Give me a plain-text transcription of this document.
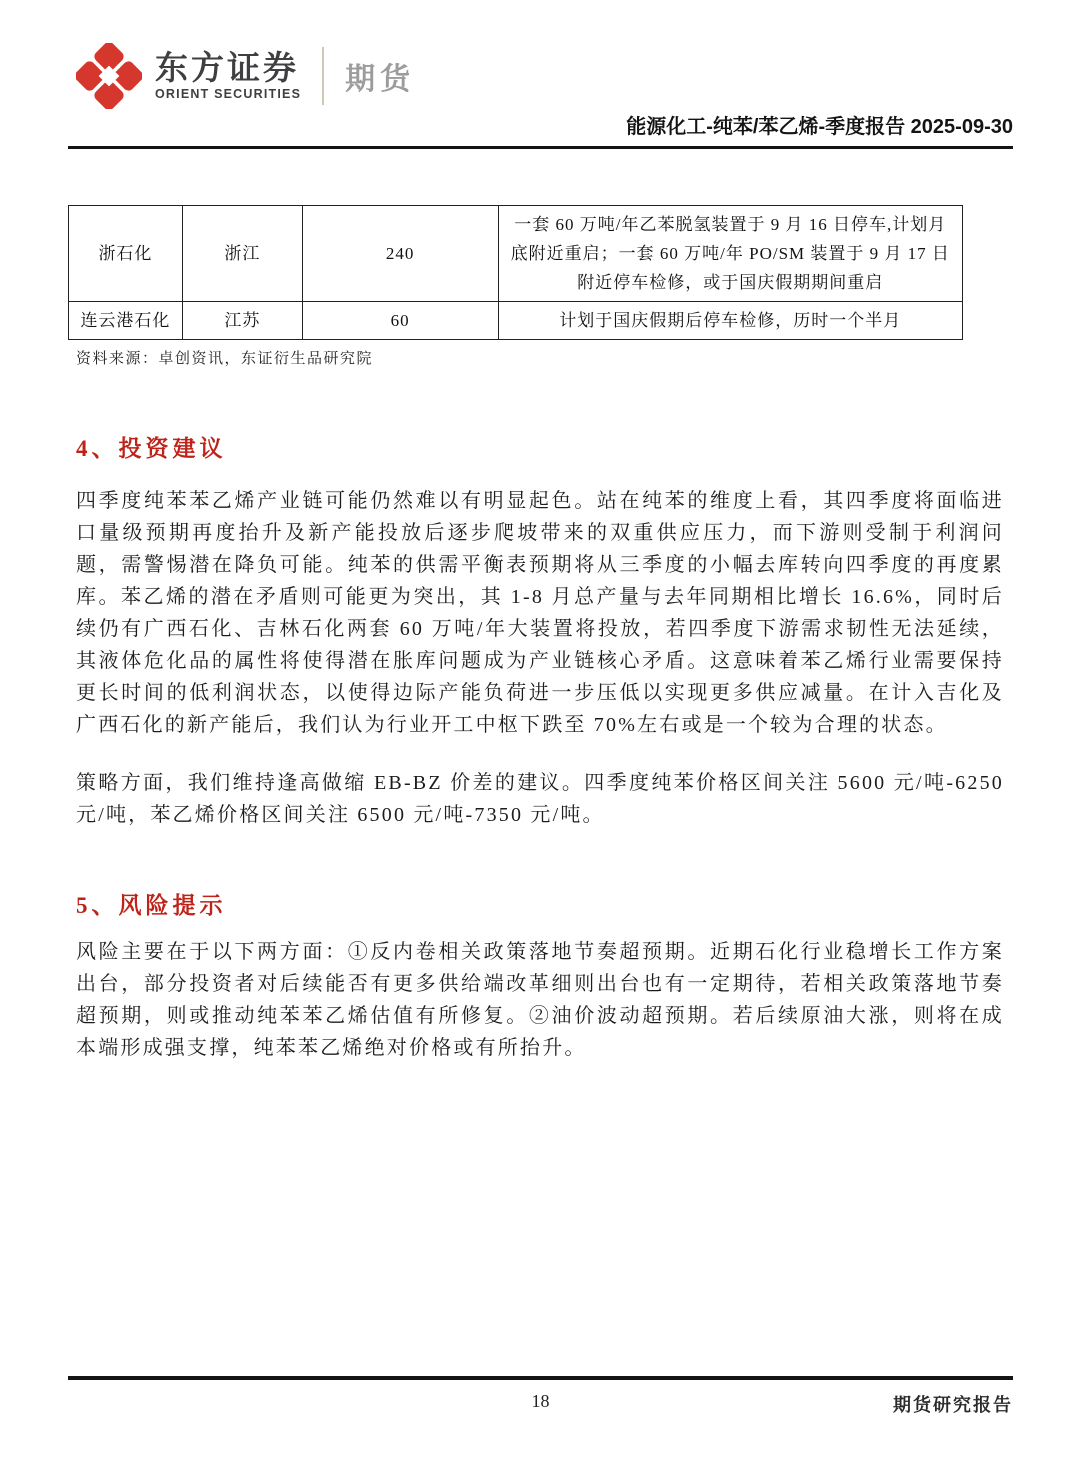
东方证券
ORIENT SECURITIES 期货
能源化工-纯苯/苯乙烯-季度报告 2025-09-30
浙石化	浙江	240	一套 60 万吨/年乙苯脱氢装置于 9 月 16 日停车,计划月底附近重启；一套 60 万吨/年 PO/SM 装置于 9 月 17 日附近停车检修，或于国庆假期期间重启
连云港石化	江苏	60	计划于国庆假期后停车检修，历时一个半月
资料来源：卓创资讯，东证衍生品研究院
4、投资建议
四季度纯苯苯乙烯产业链可能仍然难以有明显起色。站在纯苯的维度上看，其四季度将面临进口量级预期再度抬升及新产能投放后逐步爬坡带来的双重供应压力，而下游则受制于利润问题，需警惕潜在降负可能。纯苯的供需平衡表预期将从三季度的小幅去库转向四季度的再度累库。苯乙烯的潜在矛盾则可能更为突出，其 1-8 月总产量与去年同期相比增长 16.6%，同时后续仍有广西石化、吉林石化两套 60 万吨/年大装置将投放，若四季度下游需求韧性无法延续，其液体危化品的属性将使得潜在胀库问题成为产业链核心矛盾。这意味着苯乙烯行业需要保持更长时间的低利润状态，以使得边际产能负荷进一步压低以实现更多供应减量。在计入吉化及广西石化的新产能后，我们认为行业开工中枢下跌至 70%左右或是一个较为合理的状态。
策略方面，我们维持逢高做缩 EB-BZ 价差的建议。四季度纯苯价格区间关注 5600 元/吨-6250 元/吨，苯乙烯价格区间关注 6500 元/吨-7350 元/吨。
5、风险提示
风险主要在于以下两方面：①反内卷相关政策落地节奏超预期。近期石化行业稳增长工作方案出台，部分投资者对后续能否有更多供给端改革细则出台也有一定期待，若相关政策落地节奏超预期，则或推动纯苯苯乙烯估值有所修复。②油价波动超预期。若后续原油大涨，则将在成本端形成强支撑，纯苯苯乙烯绝对价格或有所抬升。
18	期货研究报告
